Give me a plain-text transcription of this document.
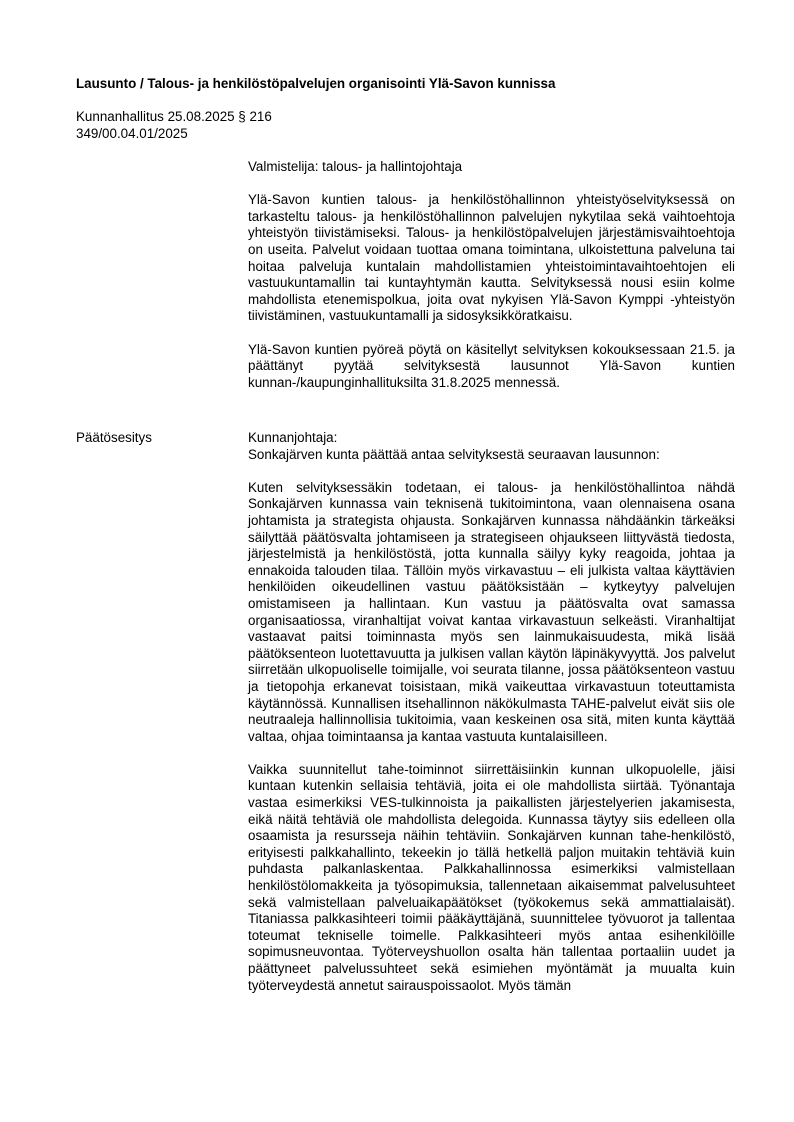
Lausunto / Talous- ja henkilöstöpalvelujen organisointi Ylä-Savon kunnissa
Kunnanhallitus 25.08.2025 § 216
349/00.04.01/2025

Valmistelija: talous- ja hallintojohtaja

Ylä-Savon kuntien talous- ja henkilöstöhallinnon yhteistyöselvityksessä on tarkasteltu talous- ja henkilöstöhallinnon palvelujen nykytilaa sekä vaihtoehtoja yhteistyön tiivistämiseksi. Talous- ja henkilöstöpalvelujen järjestämisvaihtoehtoja on useita. Palvelut voidaan tuottaa omana toimintana, ulkoistettuna palveluna tai hoitaa palveluja kuntalain mahdollistamien yhteistoimintavaihtoehtojen eli vastuukuntamallin tai kuntayhtymän kautta. Selvityksessä nousi esiin kolme mahdollista etenemispolkua, joita ovat nykyisen Ylä-Savon Kymppi -yhteistyön tiivistäminen, vastuukuntamalli ja sidosyksikköratkaisu.

Ylä-Savon kuntien pyöreä pöytä on käsitellyt selvityksen kokouksessaan 21.5. ja päättänyt pyytää selvityksestä lausunnot Ylä-Savon kuntien kunnan-/kaupunginhallituksilta 31.8.2025 mennessä.

Päätösesitys	Kunnanjohtaja:

Sonkajärven kunta päättää antaa selvityksestä seuraavan lausunnon:

Kuten selvityksessäkin todetaan, ei talous- ja henkilöstöhallintoa nähdä Sonkajärven kunnassa vain teknisenä tukitoimintona, vaan olennaisena osana johtamista ja strategista ohjausta. Sonkajärven kunnassa nähdäänkin tärkeäksi säilyttää päätösvalta johtamiseen ja strategiseen ohjaukseen liittyvästä tiedosta, järjestelmistä ja henkilöstöstä, jotta kunnalla säilyy kyky reagoida, johtaa ja ennakoida talouden tilaa. Tällöin myös virkavastuu – eli julkista valtaa käyttävien henkilöiden oikeudellinen vastuu päätöksistään – kytkeytyy palvelujen omistamiseen ja hallintaan. Kun vastuu ja päätösvalta ovat samassa organisaatiossa, viranhaltijat voivat kantaa virkavastuun selkeästi. Viranhaltijat vastaavat paitsi toiminnasta myös sen lainmukaisuudesta, mikä lisää päätöksenteon luotettavuutta ja julkisen vallan käytön läpinäkyvyyttä. Jos palvelut siirretään ulkopuoliselle toimijalle, voi seurata tilanne, jossa päätöksenteon vastuu ja tietopohja erkanevat toisistaan, mikä vaikeuttaa virkavastuun toteuttamista käytännössä. Kunnallisen itsehallinnon näkökulmasta TAHE-palvelut eivät siis ole neutraaleja hallinnollisia tukitoimia, vaan keskeinen osa sitä, miten kunta käyttää valtaa, ohjaa toimintaansa ja kantaa vastuuta kuntalaisilleen.

Vaikka suunnitellut tahe-toiminnot siirrettäisiinkin kunnan ulkopuolelle, jäisi kuntaan kutenkin sellaisia tehtäviä, joita ei ole mahdollista siirtää. Työnantaja vastaa esimerkiksi VES-tulkinnoista ja paikallisten järjestelyerien jakamisesta, eikä näitä tehtäviä ole mahdollista delegoida. Kunnassa täytyy siis edelleen olla osaamista ja resursseja näihin tehtäviin. Sonkajärven kunnan tahe-henkilöstö, erityisesti palkkahallinto, tekeekin jo tällä hetkellä paljon muitakin tehtäviä kuin puhdasta palkanlaskentaa. Palkkahallinnossa esimerkiksi valmistellaan henkilöstölomakkeita ja työsopimuksia, tallennetaan aikaisemmat palvelusuhteet sekä valmistellaan palveluaikapäätökset (työkokemus sekä ammattialaisät). Titaniassa palkkasihteeri toimii pääkäyttäjänä, suunnittelee työvuorot ja tallentaa toteumat tekniselle toimelle. Palkkasihteeri myös antaa esihenkilöille sopimusneuvontaa. Työterveyshuollon osalta hän tallentaa portaaliin uudet ja päättyneet palvelussuhteet sekä esimiehen myöntämät ja muualta kuin työterveydestä annetut sairauspoissaolot. Myös tämän
